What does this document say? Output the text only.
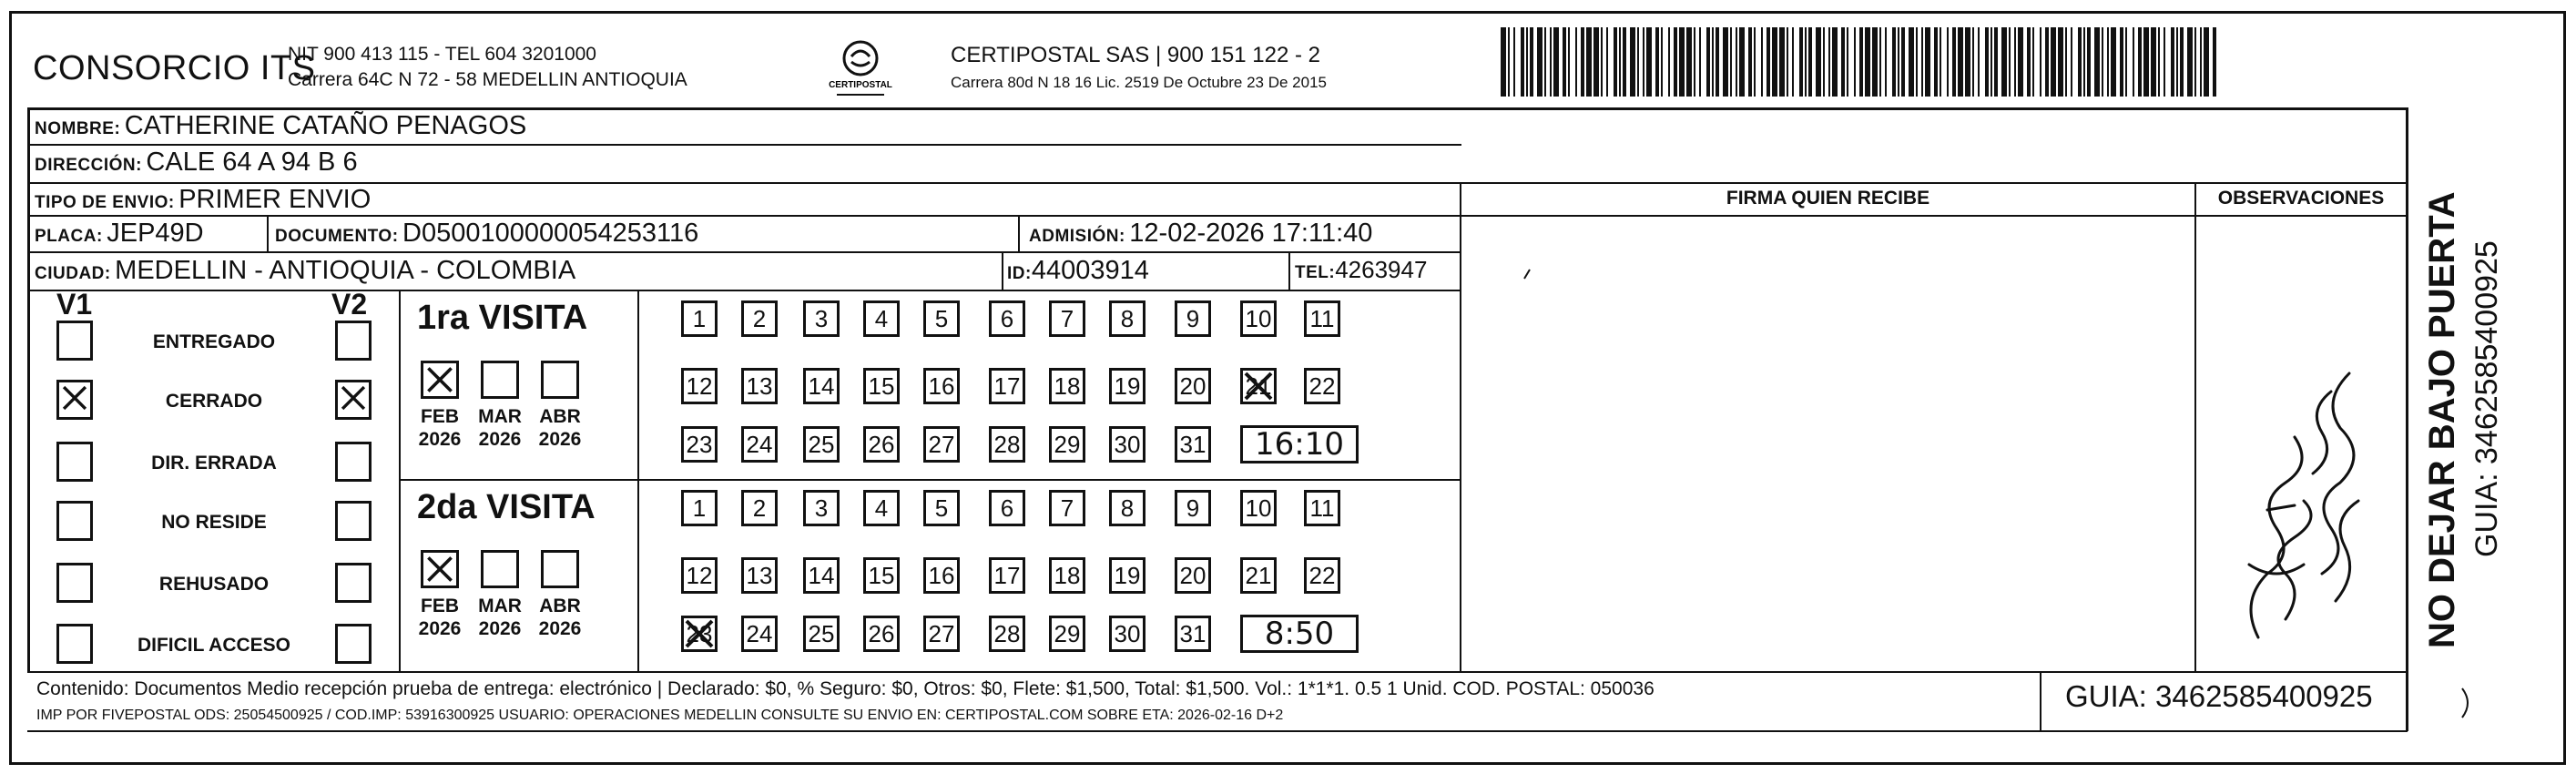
CONSORCIO ITS
NIT 900 413 115 - TEL 604 3201000
Carrera 64C N 72 - 58 MEDELLIN ANTIOQUIA	CERTIPOSTAL
CERTIPOSTAL SAS | 900 151 122 - 2
Carrera 80d N 18 16 Lic. 2519 De Octubre 23 De 2015
NOMBRE: CATHERINE CATAÑO PENAGOS
DIRECCIÓN: CALE 64 A 94 B 6
TIPO DE ENVIO: PRIMER ENVIO
PLACA: JEP49D	DOCUMENTO: D0500100000054253116	ADMISIÓN: 12-02-2026 17:11:40
CIUDAD: MEDELLIN - ANTIOQUIA - COLOMBIA	ID:44003914	TEL:4263947
FIRMA QUIEN RECIBE	OBSERVACIONES
V1	V2
ENTREGADO
CERRADO
DIR. ERRADA
NO RESIDE
REHUSADO
DIFICIL ACCESO
1ra VISITA
FEB
2026
MAR
2026
ABR
2026
1	2	3	4	5	6	7	8	9	10 11
12 13 14 15 16 17 18 19 20 21 22
23 24 25 26 27 28 29 30 31	16:10
2da VISITA
FEB
2026
MAR
2026
ABR
2026
1	2	3	4	5	6	7	8	9	10 11
12 13 14 15 16 17 18 19 20 21 22
23 24 25 26 27 28 29 30 31	8:50	NO DEJAR BAJO PUERTA GUIA: 3462585400925
Contenido: Documentos Medio recepción prueba de entrega: electrónico | Declarado: $0, % Seguro: $0, Otros: $0, Flete: $1,500, Total: $1,500. Vol.: 1*1*1. 0.5 1 Unid. COD. POSTAL: 050036
IMP POR FIVEPOSTAL ODS: 25054500925 / COD.IMP: 53916300925 USUARIO: OPERACIONES MEDELLIN CONSULTE SU ENVIO EN: CERTIPOSTAL.COM SOBRE ETA: 2026-02-16 D+2
GUIA: 3462585400925
